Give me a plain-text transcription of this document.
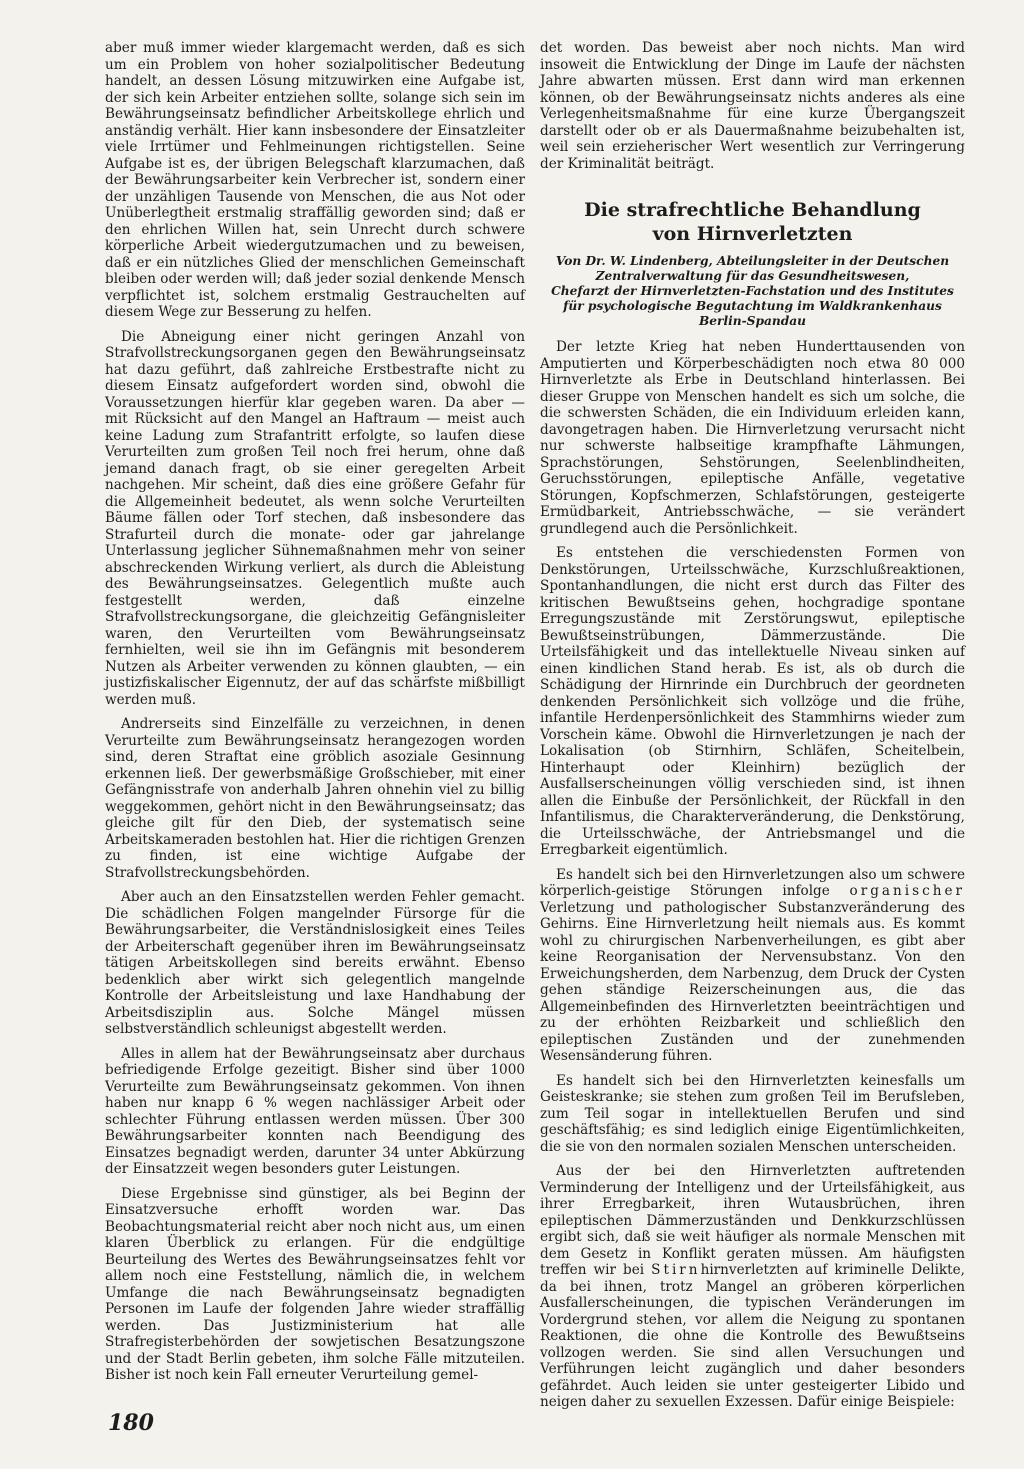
aber muß immer wieder klargemacht werden, daß es sich um ein Problem von hoher sozialpolitischer Bedeutung handelt, an dessen Lösung mitzuwirken eine Aufgabe ist, der sich kein Arbeiter entziehen sollte, solange sich sein im Bewährungseinsatz befindlicher Arbeitskollege ehrlich und anständig verhält. Hier kann insbesondere der Einsatzleiter viele Irrtümer und Fehlmeinungen richtigstellen. Seine Aufgabe ist es, der übrigen Belegschaft klarzumachen, daß der Bewährungsarbeiter kein Verbrecher ist, sondern einer der unzähligen Tausende von Menschen, die aus Not oder Unüberlegtheit erstmalig straffällig geworden sind; daß er den ehrlichen Willen hat, sein Unrecht durch schwere körperliche Arbeit wiedergutzumachen und zu beweisen, daß er ein nützliches Glied der menschlichen Gemeinschaft bleiben oder werden will; daß jeder sozial denkende Mensch verpflichtet ist, solchem erstmalig Gestrauchelten auf diesem Wege zur Besserung zu helfen.

Die Abneigung einer nicht geringen Anzahl von Strafvollstreckungsorganen gegen den Bewährungseinsatz hat dazu geführt, daß zahlreiche Erstbestrafte nicht zu diesem Einsatz aufgefordert worden sind, obwohl die Voraussetzungen hierfür klar gegeben waren. Da aber — mit Rücksicht auf den Mangel an Haftraum — meist auch keine Ladung zum Strafantritt erfolgte, so laufen diese Verurteilten zum großen Teil noch frei herum, ohne daß jemand danach fragt, ob sie einer geregelten Arbeit nachgehen. Mir scheint, daß dies eine größere Gefahr für die Allgemeinheit bedeutet, als wenn solche Verurteilten Bäume fällen oder Torf stechen, daß insbesondere das Strafurteil durch die monate- oder gar jahrelange Unterlassung jeglicher Sühnemaßnahmen mehr von seiner abschreckenden Wirkung verliert, als durch die Ableistung des Bewährungseinsatzes. Gelegentlich mußte auch festgestellt werden, daß einzelne Strafvollstreckungsorgane, die gleichzeitig Gefängnisleiter waren, den Verurteilten vom Bewährungseinsatz fernhielten, weil sie ihn im Gefängnis mit besonderem Nutzen als Arbeiter verwenden zu können glaubten, — ein justizfiskalischer Eigennutz, der auf das schärfste mißbilligt werden muß.

Andrerseits sind Einzelfälle zu verzeichnen, in denen Verurteilte zum Bewährungseinsatz herangezogen worden sind, deren Straftat eine gröblich asoziale Gesinnung erkennen ließ. Der gewerbsmäßige Großschieber, mit einer Gefängnisstrafe von anderhalb Jahren ohnehin viel zu billig weggekommen, gehört nicht in den Bewährungseinsatz; das gleiche gilt für den Dieb, der systematisch seine Arbeitskameraden bestohlen hat. Hier die richtigen Grenzen zu finden, ist eine wichtige Aufgabe der Strafvollstreckungsbehörden.

Aber auch an den Einsatzstellen werden Fehler gemacht. Die schädlichen Folgen mangelnder Fürsorge für die Bewährungsarbeiter, die Verständnislosigkeit eines Teiles der Arbeiterschaft gegenüber ihren im Bewährungseinsatz tätigen Arbeitskollegen sind bereits erwähnt. Ebenso bedenklich aber wirkt sich gelegentlich mangelnde Kontrolle der Arbeitsleistung und laxe Handhabung der Arbeitsdisziplin aus. Solche Mängel müssen selbstverständlich schleunigst abgestellt werden.

Alles in allem hat der Bewährungseinsatz aber durchaus befriedigende Erfolge gezeitigt. Bisher sind über 1000 Verurteilte zum Bewährungseinsatz gekommen. Von ihnen haben nur knapp 6 % wegen nachlässiger Arbeit oder schlechter Führung entlassen werden müssen. Über 300 Bewährungsarbeiter konnten nach Beendigung des Einsatzes begnadigt werden, darunter 34 unter Abkürzung der Einsatzzeit wegen besonders guter Leistungen.

Diese Ergebnisse sind günstiger, als bei Beginn der Einsatzversuche erhofft worden war. Das Beobachtungsmaterial reicht aber noch nicht aus, um einen klaren Überblick zu erlangen. Für die endgültige Beurteilung des Wertes des Bewährungseinsatzes fehlt vor allem noch eine Feststellung, nämlich die, in welchem Umfange die nach Bewährungseinsatz begnadigten Personen im Laufe der folgenden Jahre wieder straffällig werden. Das Justizministerium hat alle Strafregisterbehörden der sowjetischen Besatzungszone und der Stadt Berlin gebeten, ihm solche Fälle mitzuteilen. Bisher ist noch kein Fall erneuter Verurteilung gemel-

det worden. Das beweist aber noch nichts. Man wird insoweit die Entwicklung der Dinge im Laufe der nächsten Jahre abwarten müssen. Erst dann wird man erkennen können, ob der Bewährungseinsatz nichts anderes als eine Verlegenheitsmaßnahme für eine kurze Übergangszeit darstellt oder ob er als Dauermaßnahme beizubehalten ist, weil sein erzieherischer Wert wesentlich zur Verringerung der Kriminalität beiträgt.

Die strafrechtliche Behandlung
von Hirnverletzten

Von Dr. W. Lindenberg, Abteilungsleiter in der Deutschen
Zentralverwaltung für das Gesundheitswesen,
Chefarzt der Hirnverletzten-Fachstation und des Institutes
für psychologische Begutachtung im Waldkrankenhaus
Berlin-Spandau

Der letzte Krieg hat neben Hunderttausenden von Amputierten und Körperbeschädigten noch etwa 80 000 Hirnverletzte als Erbe in Deutschland hinterlassen. Bei dieser Gruppe von Menschen handelt es sich um solche, die die schwersten Schäden, die ein Individuum erleiden kann, davongetragen haben. Die Hirnverletzung verursacht nicht nur schwerste halbseitige krampfhafte Lähmungen, Sprachstörungen, Sehstörungen, Seelenblindheiten, Geruchsstörungen, epileptische Anfälle, vegetative Störungen, Kopfschmerzen, Schlafstörungen, gesteigerte Ermüdbarkeit, Antriebsschwäche, — sie verändert grundlegend auch die Persönlichkeit.

Es entstehen die verschiedensten Formen von Denkstörungen, Urteilsschwäche, Kurzschlußreaktionen, Spontanhandlungen, die nicht erst durch das Filter des kritischen Bewußtseins gehen, hochgradige spontane Erregungszustände mit Zerstörungswut, epileptische Bewußtseinstrübungen, Dämmerzustände. Die Urteilsfähigkeit und das intellektuelle Niveau sinken auf einen kindlichen Stand herab. Es ist, als ob durch die Schädigung der Hirnrinde ein Durchbruch der geordneten denkenden Persönlichkeit sich vollzöge und die frühe, infantile Herdenpersönlichkeit des Stammhirns wieder zum Vorschein käme. Obwohl die Hirnverletzungen je nach der Lokalisation (ob Stirnhirn, Schläfen, Scheitelbein, Hinterhaupt oder Kleinhirn) bezüglich der Ausfallserscheinungen völlig verschieden sind, ist ihnen allen die Einbuße der Persönlichkeit, der Rückfall in den Infantilismus, die Charakterveränderung, die Denkstörung, die Urteilsschwäche, der Antriebsmangel und die Erregbarkeit eigentümlich.

Es handelt sich bei den Hirnverletzungen also um schwere körperlich-geistige Störungen infolge organischer Verletzung und pathologischer Substanzveränderung des Gehirns. Eine Hirnverletzung heilt niemals aus. Es kommt wohl zu chirurgischen Narbenverheilungen, es gibt aber keine Reorganisation der Nervensubstanz. Von den Erweichungsherden, dem Narbenzug, dem Druck der Cysten gehen ständige Reizerscheinungen aus, die das Allgemeinbefinden des Hirnverletzten beeinträchtigen und zu der erhöhten Reizbarkeit und schließlich den epileptischen Zuständen und der zunehmenden Wesensänderung führen.

Es handelt sich bei den Hirnverletzten keinesfalls um Geisteskranke; sie stehen zum großen Teil im Berufsleben, zum Teil sogar in intellektuellen Berufen und sind geschäftsfähig; es sind lediglich einige Eigentümlichkeiten, die sie von den normalen sozialen Menschen unterscheiden.

Aus der bei den Hirnverletzten auftretenden Verminderung der Intelligenz und der Urteilsfähigkeit, aus ihrer Erregbarkeit, ihren Wutausbrüchen, ihren epileptischen Dämmerzuständen und Denkkurzschlüssen ergibt sich, daß sie weit häufiger als normale Menschen mit dem Gesetz in Konflikt geraten müssen. Am häufigsten treffen wir bei Stirnhirnverletzten auf kriminelle Delikte, da bei ihnen, trotz Mangel an gröberen körperlichen Ausfallerscheinungen, die typischen Veränderungen im Vordergrund stehen, vor allem die Neigung zu spontanen Reaktionen, die ohne die Kontrolle des Bewußtseins vollzogen werden. Sie sind allen Versuchungen und Verführungen leicht zugänglich und daher besonders gefährdet. Auch leiden sie unter gesteigerter Libido und neigen daher zu sexuellen Exzessen. Dafür einige Beispiele:

180
